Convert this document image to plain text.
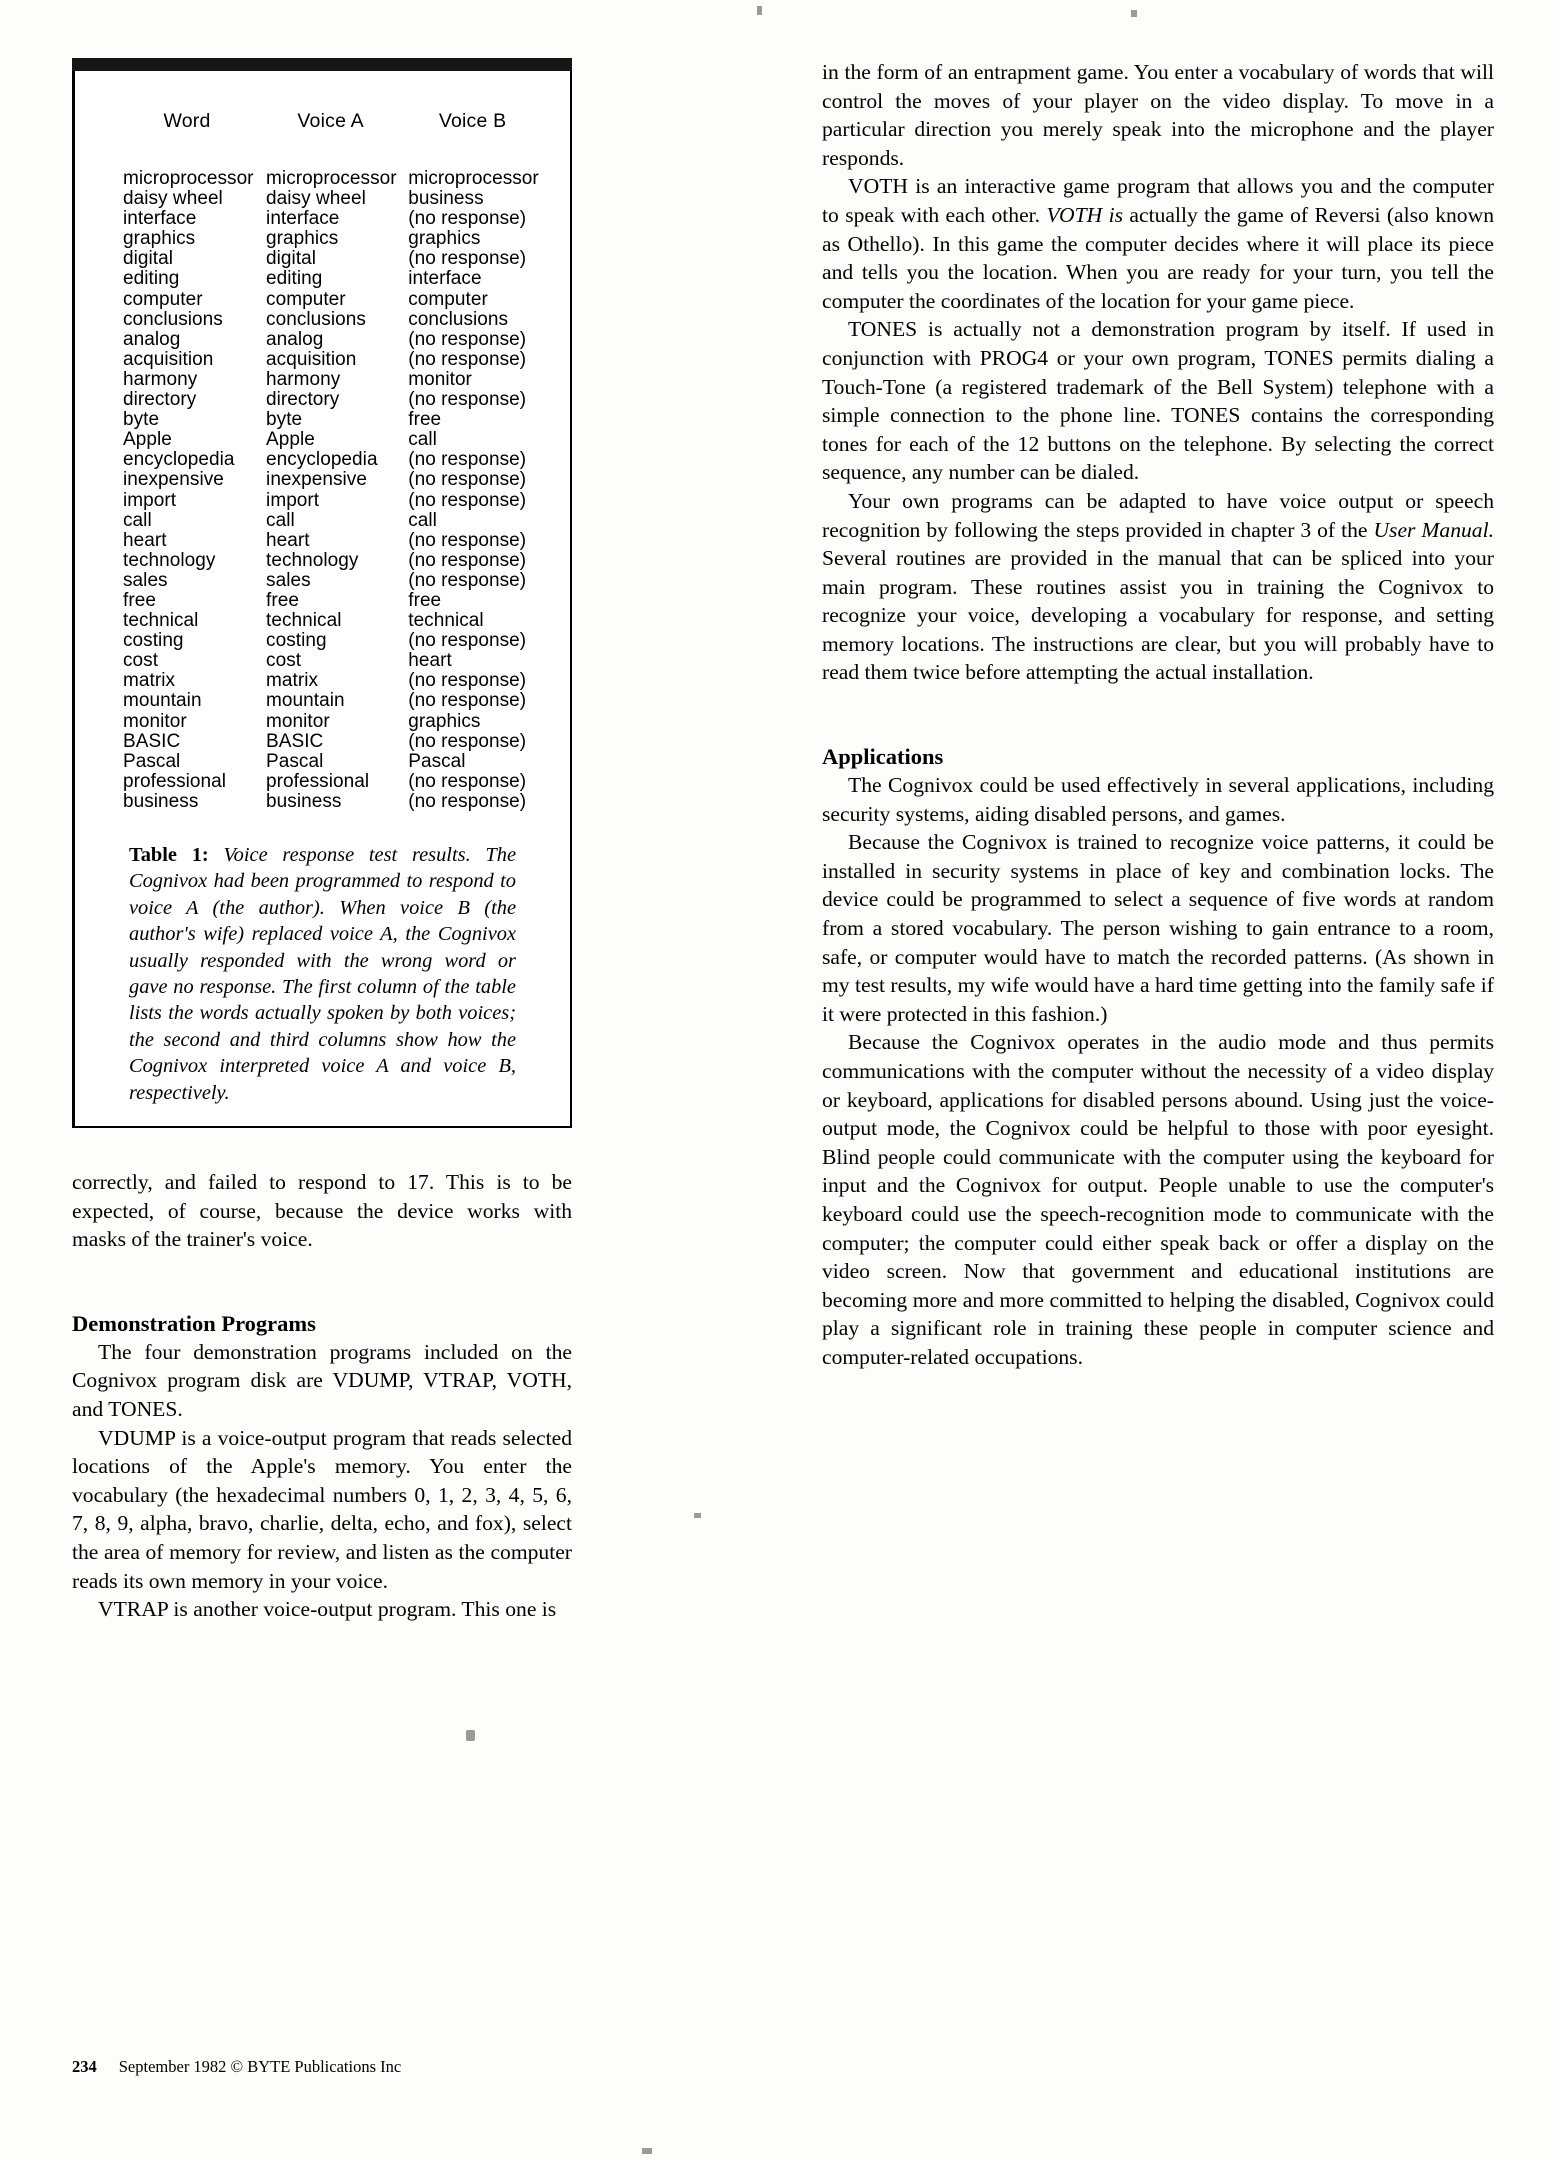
Word	Voice A	Voice B
microprocessor	microprocessor	microprocessor
daisy wheel	daisy wheel	business
interface	interface	(no response)
graphics	graphics	graphics
digital	digital	(no response)
editing	editing	interface
computer	computer	computer
conclusions	conclusions	conclusions
analog	analog	(no response)
acquisition	acquisition	(no response)
harmony	harmony	monitor
directory	directory	(no response)
byte	byte	free
Apple	Apple	call
encyclopedia	encyclopedia	(no response)
inexpensive	inexpensive	(no response)
import	import	(no response)
call	call	call
heart	heart	(no response)
technology	technology	(no response)
sales	sales	(no response)
free	free	free
technical	technical	technical
costing	costing	(no response)
cost	cost	heart
matrix	matrix	(no response)
mountain	mountain	(no response)
monitor	monitor	graphics
BASIC	BASIC	(no response)
Pascal	Pascal	Pascal
professional	professional	(no response)
business	business	(no response)
Table 1: Voice response test results. The Cognivox had been programmed to respond to voice A (the author). When voice B (the author's wife) replaced voice A, the Cognivox usually responded with the wrong word or gave no response. The first column of the table lists the words actually spoken by both voices; the second and third columns show how the Cognivox interpreted voice A and voice B, respectively.

correctly, and failed to respond to 17. This is to be expected, of course, because the device works with masks of the trainer's voice.

Demonstration Programs

The four demonstration programs included on the Cognivox program disk are VDUMP, VTRAP, VOTH, and TONES.

VDUMP is a voice-output program that reads selected locations of the Apple's memory. You enter the vocabulary (the hexadecimal numbers 0, 1, 2, 3, 4, 5, 6, 7, 8, 9, alpha, bravo, charlie, delta, echo, and fox), select the area of memory for review, and listen as the computer reads its own memory in your voice.

VTRAP is another voice-output program. This one is

in the form of an entrapment game. You enter a vocabulary of words that will control the moves of your player on the video display. To move in a particular direction you merely speak into the microphone and the player responds.

VOTH is an interactive game program that allows you and the computer to speak with each other. VOTH is actually the game of Reversi (also known as Othello). In this game the computer decides where it will place its piece and tells you the location. When you are ready for your turn, you tell the computer the coordinates of the location for your game piece.

TONES is actually not a demonstration program by itself. If used in conjunction with PROG4 or your own program, TONES permits dialing a Touch-Tone (a registered trademark of the Bell System) telephone with a simple connection to the phone line. TONES contains the corresponding tones for each of the 12 buttons on the telephone. By selecting the correct sequence, any number can be dialed.

Your own programs can be adapted to have voice output or speech recognition by following the steps provided in chapter 3 of the User Manual. Several routines are provided in the manual that can be spliced into your main program. These routines assist you in training the Cognivox to recognize your voice, developing a vocabulary for response, and setting memory locations. The instructions are clear, but you will probably have to read them twice before attempting the actual installation.

Applications

The Cognivox could be used effectively in several applications, including security systems, aiding disabled persons, and games.

Because the Cognivox is trained to recognize voice patterns, it could be installed in security systems in place of key and combination locks. The device could be programmed to select a sequence of five words at random from a stored vocabulary. The person wishing to gain entrance to a room, safe, or computer would have to match the recorded patterns. (As shown in my test results, my wife would have a hard time getting into the family safe if it were protected in this fashion.)

Because the Cognivox operates in the audio mode and thus permits communications with the computer without the necessity of a video display or keyboard, applications for disabled persons abound. Using just the voice-output mode, the Cognivox could be helpful to those with poor eyesight. Blind people could communicate with the computer using the keyboard for input and the Cognivox for output. People unable to use the computer's keyboard could use the speech-recognition mode to communicate with the computer; the computer could either speak back or offer a display on the video screen. Now that government and educational institutions are becoming more and more committed to helping the disabled, Cognivox could play a significant role in training these people in computer science and computer-related occupations.

234 September 1982 © BYTE Publications Inc
